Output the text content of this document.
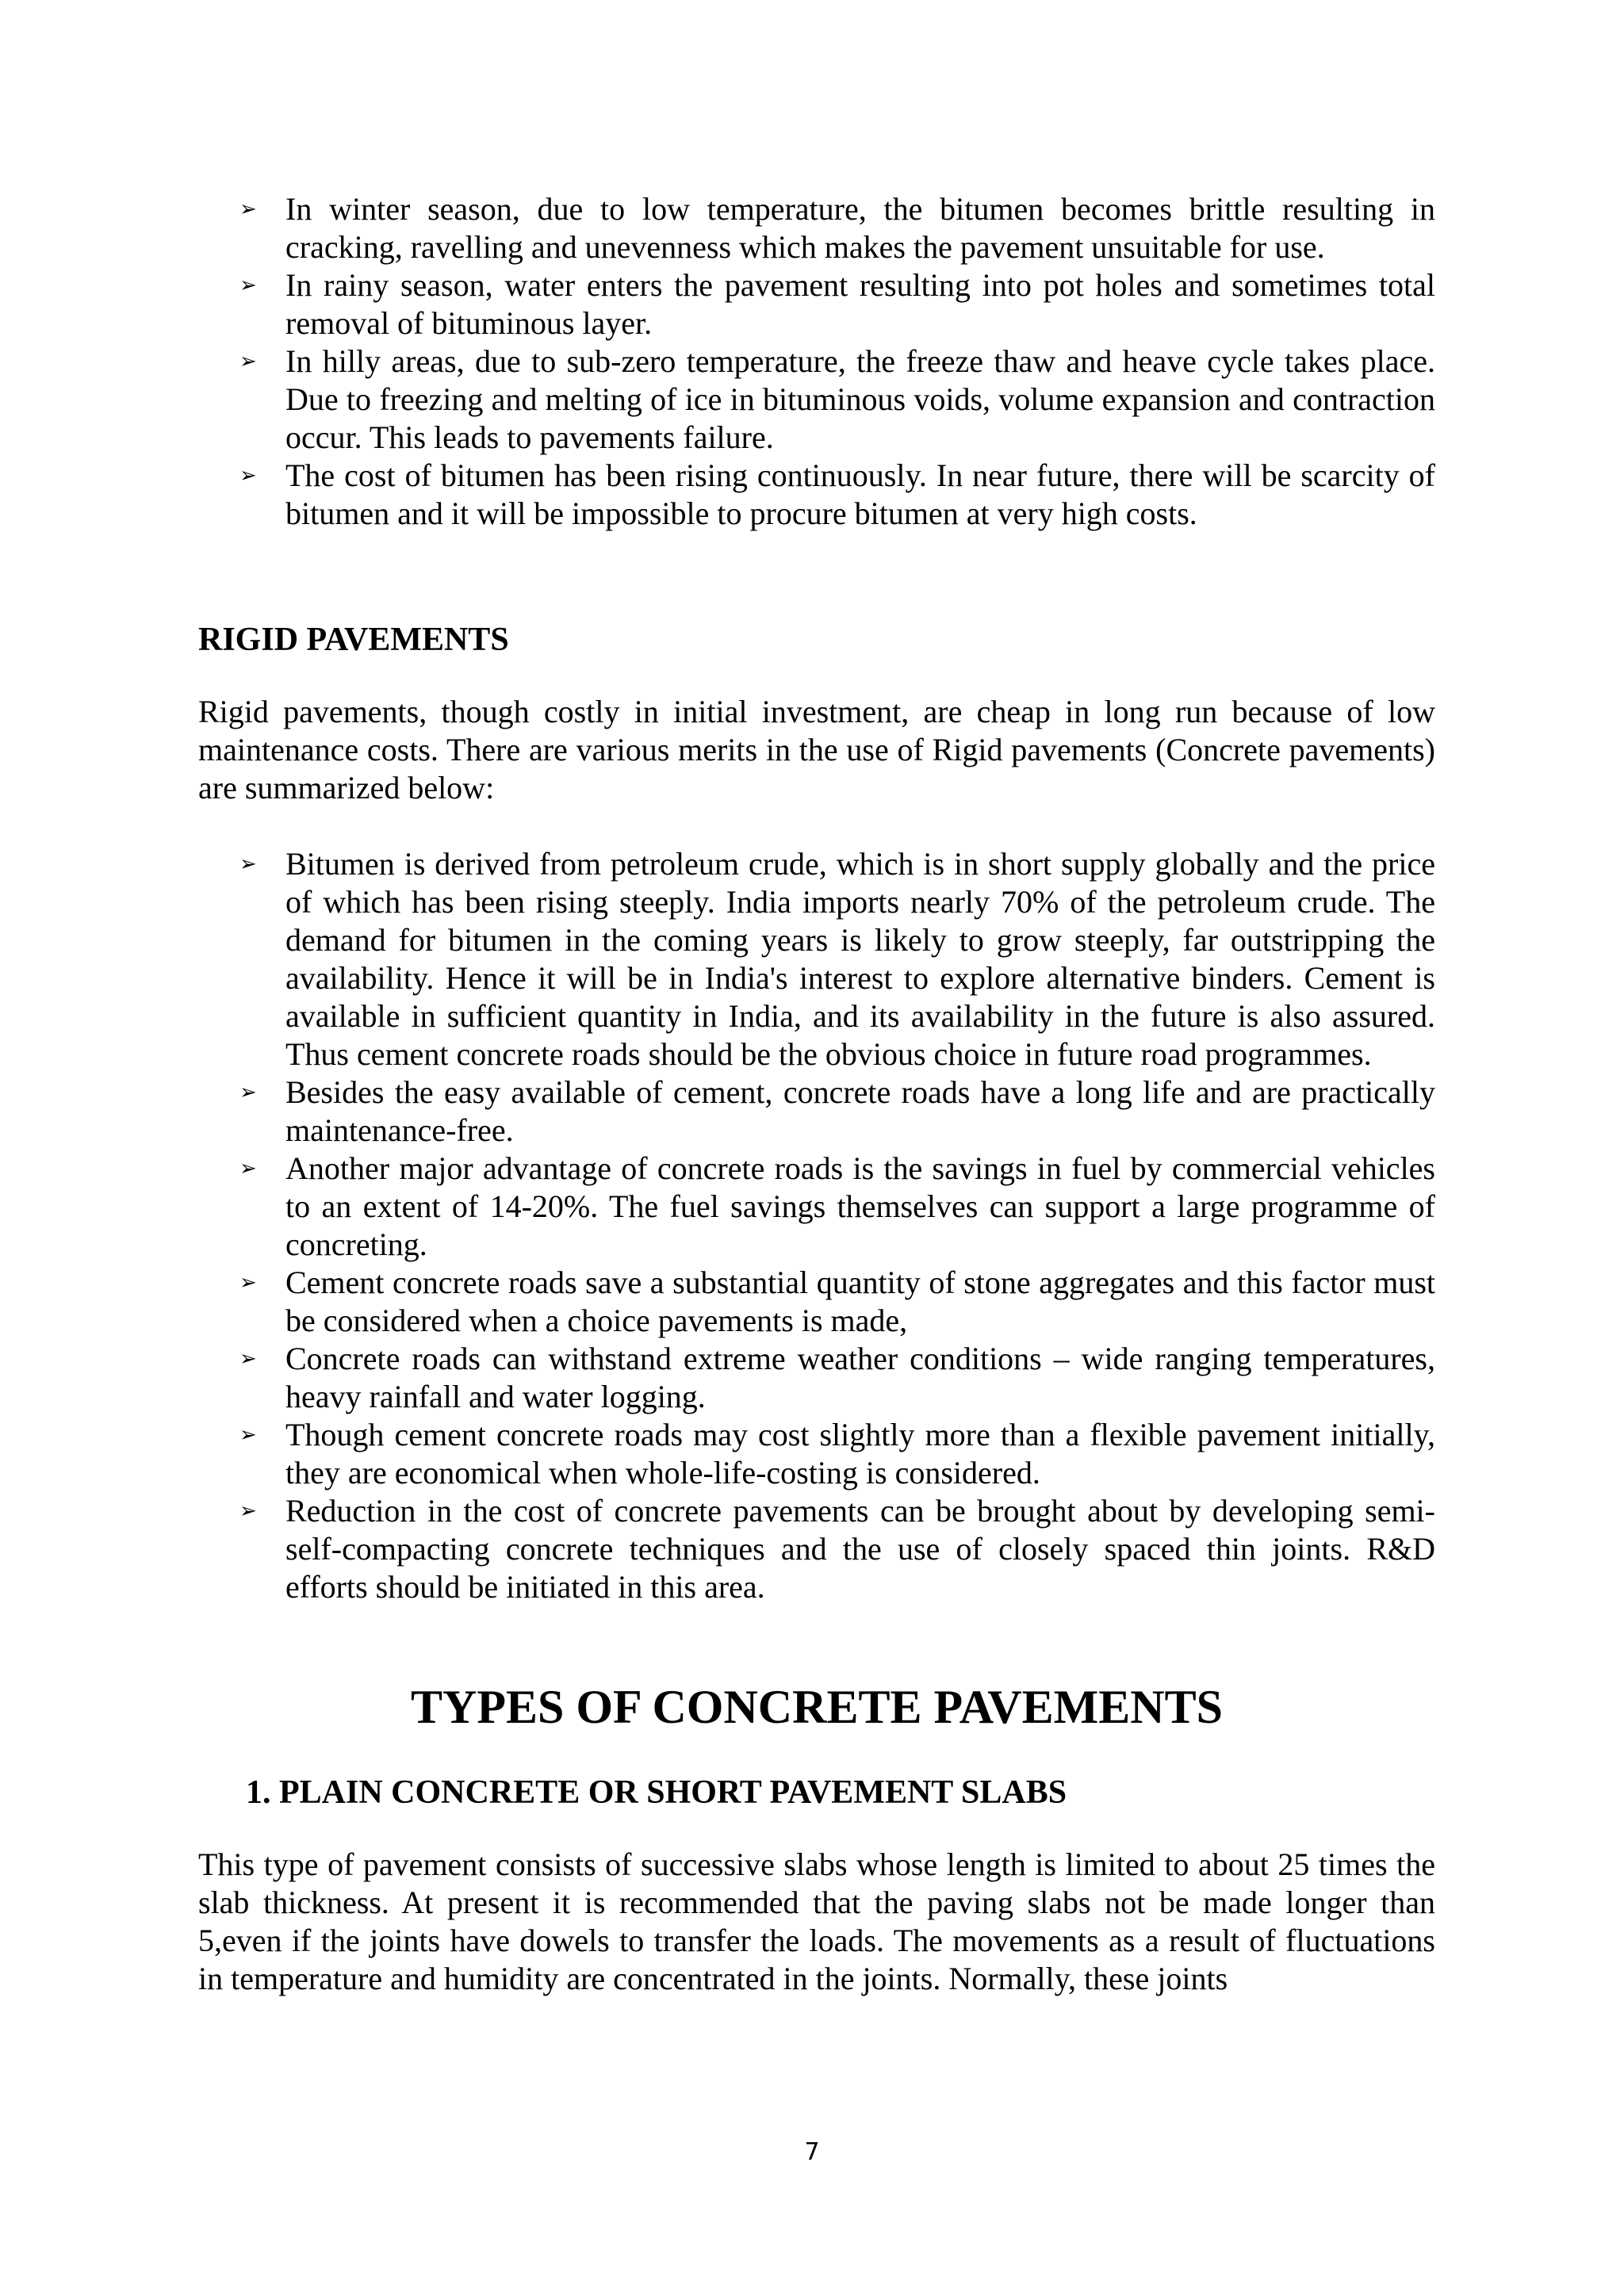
➢ In winter season, due to low temperature, the bitumen becomes brittle resulting in cracking, ravelling and unevenness which makes the pavement unsuitable for use.
➢ In rainy season, water enters the pavement resulting into pot holes and sometimes total removal of bituminous layer.
➢ In hilly areas, due to sub-zero temperature, the freeze thaw and heave cycle takes place. Due to freezing and melting of ice in bituminous voids, volume expansion and contraction occur. This leads to pavements failure.
➢ The cost of bitumen has been rising continuously. In near future, there will be scarcity of bitumen and it will be impossible to procure bitumen at very high costs.
RIGID PAVEMENTS

Rigid pavements, though costly in initial investment, are cheap in long run because of low maintenance costs. There are various merits in the use of Rigid pavements (Concrete pavements) are summarized below:

➢ Bitumen is derived from petroleum crude, which is in short supply globally and the price of which has been rising steeply. India imports nearly 70% of the petroleum crude. The demand for bitumen in the coming years is likely to grow steeply, far outstripping the availability. Hence it will be in India's interest to explore alternative binders. Cement is available in sufficient quantity in India, and its availability in the future is also assured. Thus cement concrete roads should be the obvious choice in future road programmes.
➢ Besides the easy available of cement, concrete roads have a long life and are practically maintenance-free.
➢ Another major advantage of concrete roads is the savings in fuel by commercial vehicles to an extent of 14-20%. The fuel savings themselves can support a large programme of concreting.
➢ Cement concrete roads save a substantial quantity of stone aggregates and this factor must be considered when a choice pavements is made,
➢ Concrete roads can withstand extreme weather conditions – wide ranging temperatures, heavy rainfall and water logging.
➢ Though cement concrete roads may cost slightly more than a flexible pavement initially, they are economical when whole-life-costing is considered.
➢ Reduction in the cost of concrete pavements can be brought about by developing semi-self-compacting concrete techniques and the use of closely spaced thin joints. R&D efforts should be initiated in this area.
TYPES OF CONCRETE PAVEMENTS
1. PLAIN CONCRETE OR SHORT PAVEMENT SLABS

This type of pavement consists of successive slabs whose length is limited to about 25 times the slab thickness. At present it is recommended that the paving slabs not be made longer than 5,even if the joints have dowels to transfer the loads. The movements as a result of fluctuations in temperature and humidity are concentrated in the joints. Normally, these joints

7
